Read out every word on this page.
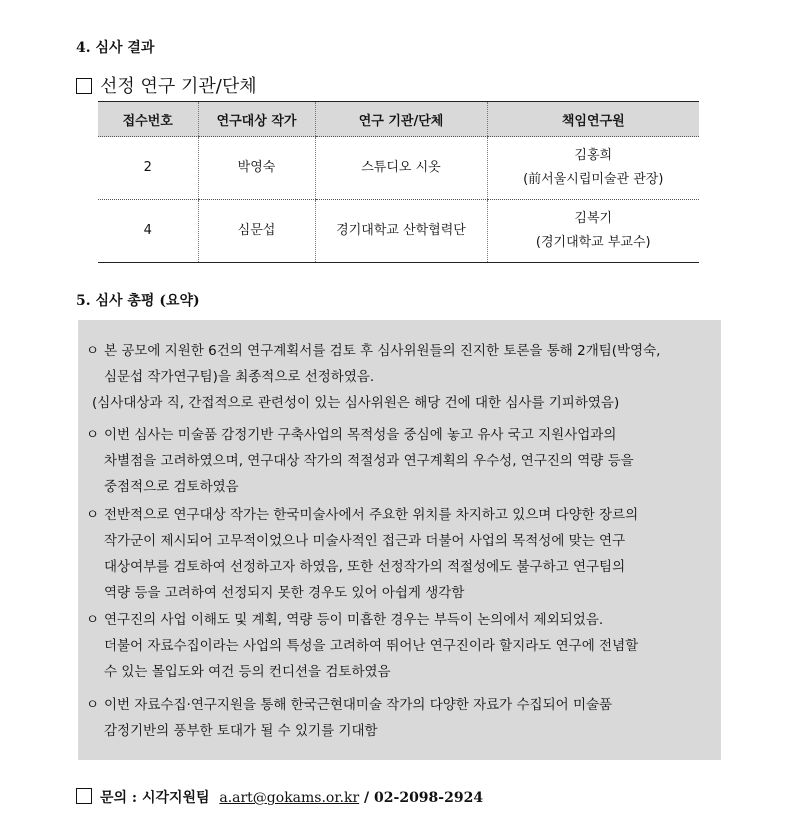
4. 심사 결과
선정 연구 기관/단체
접수번호	연구대상 작가	연구 기관/단체	책임연구원
2	박영숙	스튜디오 시옷	김홍희
(前서울시립미술관 관장)

4	심문섭	경기대학교 산학협력단	김복기
(경기대학교 부교수)
5. 심사 총평 (요약)
ㅇ 본 공모에 지원한 6건의 연구계획서를 검토 후 심사위원들의 진지한 토론을 통해 2개팀(박영숙,
심문섭 작가연구팀)을 최종적으로 선정하였음.
(심사대상과 직, 간접적으로 관련성이 있는 심사위원은 해당 건에 대한 심사를 기피하였음)
ㅇ 이번 심사는 미술품 감정기반 구축사업의 목적성을 중심에 놓고 유사 국고 지원사업과의
차별점을 고려하였으며, 연구대상 작가의 적절성과 연구계획의 우수성, 연구진의 역량 등을
중점적으로 검토하였음
ㅇ 전반적으로 연구대상 작가는 한국미술사에서 주요한 위치를 차지하고 있으며 다양한 장르의
작가군이 제시되어 고무적이었으나 미술사적인 접근과 더불어 사업의 목적성에 맞는 연구
대상여부를 검토하여 선정하고자 하였음, 또한 선정작가의 적절성에도 불구하고 연구팀의
역량 등을 고려하여 선정되지 못한 경우도 있어 아쉽게 생각함
ㅇ 연구진의 사업 이해도 및 계획, 역량 등이 미흡한 경우는 부득이 논의에서 제외되었음.
더불어 자료수집이라는 사업의 특성을 고려하여 뛰어난 연구진이라 할지라도 연구에 전념할
수 있는 몰입도와 여건 등의 컨디션을 검토하였음
ㅇ 이번 자료수집·연구지원을 통해 한국근현대미술 작가의 다양한 자료가 수집되어 미술품
감정기반의 풍부한 토대가 될 수 있기를 기대함
문의 : 시각지원팀 a.art@gokams.or.kr / 02-2098-2924
